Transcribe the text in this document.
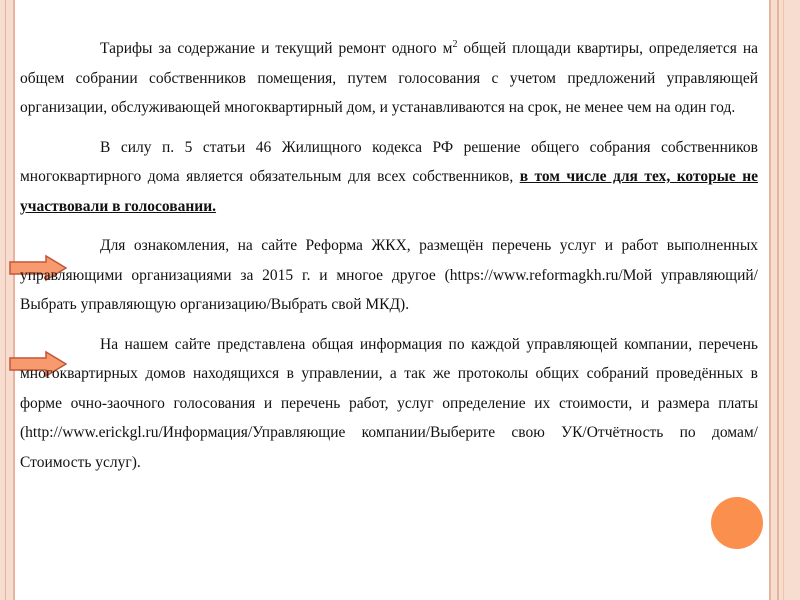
Тарифы за содержание и текущий ремонт одного $м^2$ общей площади квартиры, определяется на общем собрании собственников помещения, путем голосования с учетом предложений управляющей организации, обслуживающей многоквартирный дом, и устанавливаются на срок, не менее чем на один год.

В силу п. 5 статьи 46 Жилищного кодекса РФ решение общего собрания собственников многоквартирного дома является обязательным для всех собственников, в том числе для тех, которые не участвовали в голосовании.

Для ознакомления, на сайте Реформа ЖКХ, размещён перечень услуг и работ выполненных управляющими организациями за 2015 г. и многое другое (https://www.reformagkh.ru/Мой управляющий/ Выбрать управляющую организацию/Выбрать свой МКД).

На нашем сайте представлена общая информация по каждой управляющей компании, перечень многоквартирных домов находящихся в управлении, а так же протоколы общих собраний проведённых в форме очно-заочного голосования и перечень работ, услуг определение их стоимости, и размера платы (http://www.erickgl.ru/Информация/Управляющие компании/Выберите свою УК/Отчётность по домам/Стоимость услуг).
